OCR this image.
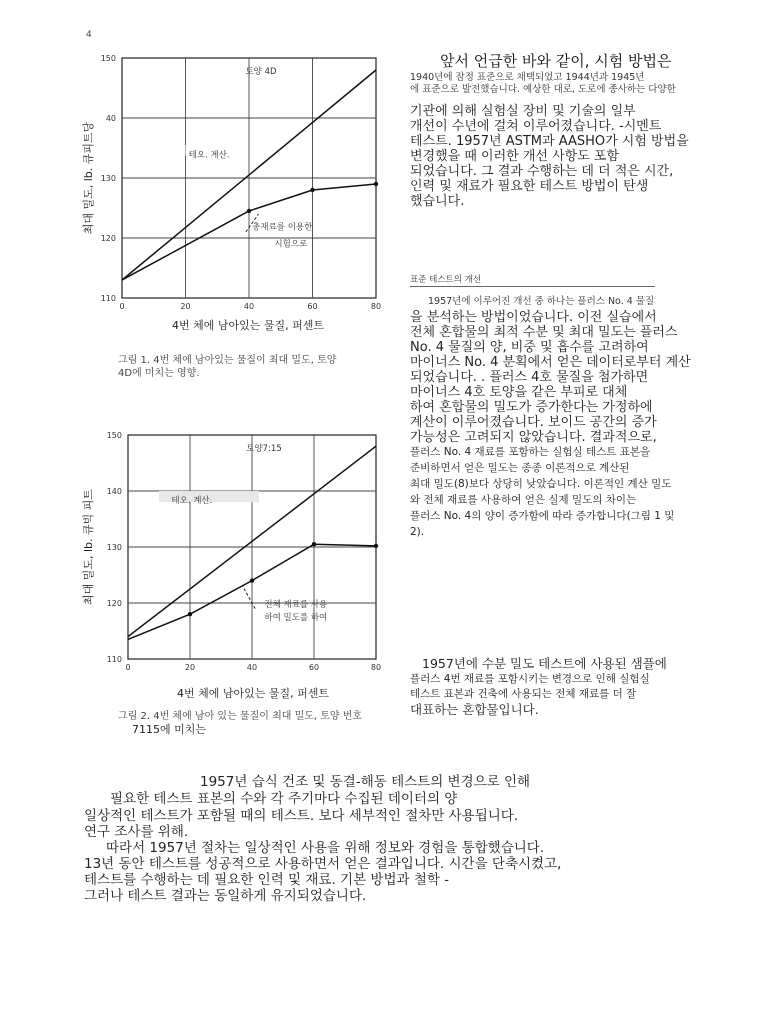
4
0	20	40	60	80
110
120
130
40
150
최대 밀도, lb. 큐피트당
토양 4D
테오. 계산.
총재료를 이용한
시험으로
4번 체에 남아있는 물질, 퍼센트
그림 1. 4번 체에 남아있는 물질이 최대 밀도, 토양
4D에 미치는 영향.
0	20	40	60	80
110
120
130
140
150
최대 밀도, lb. 큐빅 피트
토양7:15
테오. 계산.
전체 재료를 사용
하여 밀도를 하여
4번 체에 남아있는 물질, 퍼센트
그림 2. 4번 체에 남아 있는 물질이 최대 밀도, 토양 번호
7115에 미치는
앞서 언급한 바와 같이, 시험 방법은
1940년에 잠정 표준으로 채택되었고 1944년과 1945년
에 표준으로 발전했습니다. 예상한 대로, 도로에 종사하는 다양한
기관에 의해 실험실 장비 및 기술의 일부
개선이 수년에 걸쳐 이루어졌습니다. -시멘트
테스트. 1957년 ASTM과 AASHO가 시험 방법을
변경했을 때 이러한 개선 사항도 포함
되었습니다. 그 결과 수행하는 데 더 적은 시간,
인력 및 재료가 필요한 테스트 방법이 탄생
했습니다.
표준 테스트의 개선
1957년에 이루어진 개선 중 하나는 플러스 No. 4 물질
을 분석하는 방법이었습니다. 이전 실습에서
전체 혼합물의 최적 수분 및 최대 밀도는 플러스
No. 4 물질의 양, 비중 및 흡수를 고려하여
마이너스 No. 4 분획에서 얻은 데이터로부터 계산
되었습니다. . 플러스 4호 물질을 첨가하면
마이너스 4호 토양을 같은 부피로 대체
하여 혼합물의 밀도가 증가한다는 가정하에
계산이 이루어졌습니다. 보이드 공간의 증가
가능성은 고려되지 않았습니다. 결과적으로,
플러스 No. 4 재료를 포함하는 실험실 테스트 표본을
준비하면서 얻은 밀도는 종종 이론적으로 계산된
최대 밀도(8)보다 상당히 낮았습니다. 이론적인 계산 밀도
와 전체 재료를 사용하여 얻은 실제 밀도의 차이는
플러스 No. 4의 양이 증가함에 따라 증가합니다(그림 1 및
2).
1957년에 수분 밀도 테스트에 사용된 샘플에
플러스 4번 재료를 포함시키는 변경으로 인해 실험실
테스트 표본과 건축에 사용되는 전체 재료를 더 잘
대표하는 혼합물입니다.
1957년 습식 건조 및 동결-해동 테스트의 변경으로 인해
필요한 테스트 표본의 수와 각 주기마다 수집된 데이터의 양
일상적인 테스트가 포함될 때의 테스트. 보다 세부적인 절차만 사용됩니다.
연구 조사를 위해.
따라서 1957년 절차는 일상적인 사용을 위해 정보와 경험을 통합했습니다.
13년 동안 테스트를 성공적으로 사용하면서 얻은 결과입니다. 시간을 단축시켰고,
테스트를 수행하는 데 필요한 인력 및 재료. 기본 방법과 철학 -
그러나 테스트 결과는 동일하게 유지되었습니다.
